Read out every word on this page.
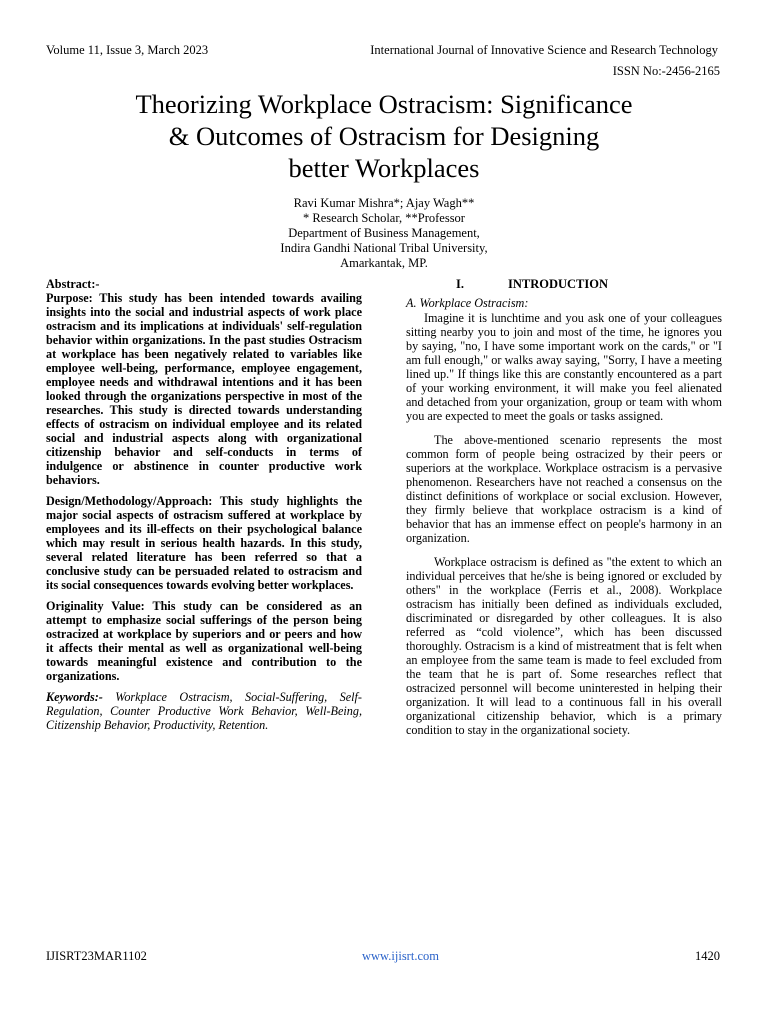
Volume 11, Issue 3, March 2023	International Journal of Innovative Science and Research Technology
ISSN No:-2456-2165
Theorizing Workplace Ostracism: Significance
& Outcomes of Ostracism for Designing
better Workplaces
Ravi Kumar Mishra*; Ajay Wagh**
* Research Scholar, **Professor
Department of Business Management,
Indira Gandhi National Tribal University,
Amarkantak, MP.
Abstract:-

Purpose: This study has been intended towards availing insights into the social and industrial aspects of work place ostracism and its implications at individuals' self-regulation behavior within organizations. In the past studies Ostracism at workplace has been negatively related to variables like employee well-being, performance, employee engagement, employee needs and withdrawal intentions and it has been looked through the organizations perspective in most of the researches. This study is directed towards understanding effects of ostracism on individual employee and its related social and industrial aspects along with organizational citizenship behavior and self-conducts in terms of indulgence or abstinence in counter productive work behaviors.

Design/Methodology/Approach: This study highlights the major social aspects of ostracism suffered at workplace by employees and its ill-effects on their psychological balance which may result in serious health hazards. In this study, several related literature has been referred so that a conclusive study can be persuaded related to ostracism and its social consequences towards evolving better workplaces.

Originality Value: This study can be considered as an attempt to emphasize social sufferings of the person being ostracized at workplace by superiors and or peers and how it affects their mental as well as organizational well-being towards meaningful existence and contribution to the organizations.

Keywords:- Workplace Ostracism, Social-Suffering, Self-Regulation, Counter Productive Work Behavior, Well-Being, Citizenship Behavior, Productivity, Retention.

I.	INTRODUCTION
A. Workplace Ostracism:

Imagine it is lunchtime and you ask one of your colleagues sitting nearby you to join and most of the time, he ignores you by saying, "no, I have some important work on the cards," or "I am full enough," or walks away saying, "Sorry, I have a meeting lined up." If things like this are constantly encountered as a part of your working environment, it will make you feel alienated and detached from your organization, group or team with whom you are expected to meet the goals or tasks assigned.

The above-mentioned scenario represents the most common form of people being ostracized by their peers or superiors at the workplace. Workplace ostracism is a pervasive phenomenon. Researchers have not reached a consensus on the distinct definitions of workplace or social exclusion. However, they firmly believe that workplace ostracism is a kind of behavior that has an immense effect on people's harmony in an organization.

Workplace ostracism is defined as "the extent to which an individual perceives that he/she is being ignored or excluded by others" in the workplace (Ferris et al., 2008). Workplace ostracism has initially been defined as individuals excluded, discriminated or disregarded by other colleagues. It is also referred as “cold violence”, which has been discussed thoroughly. Ostracism is a kind of mistreatment that is felt when an employee from the same team is made to feel excluded from the team that he is part of. Some researches reflect that ostracized personnel will become uninterested in helping their organization. It will lead to a continuous fall in his overall organizational citizenship behavior, which is a primary condition to stay in the organizational society.

IJISRT23MAR1102	www.ijisrt.com	1420
